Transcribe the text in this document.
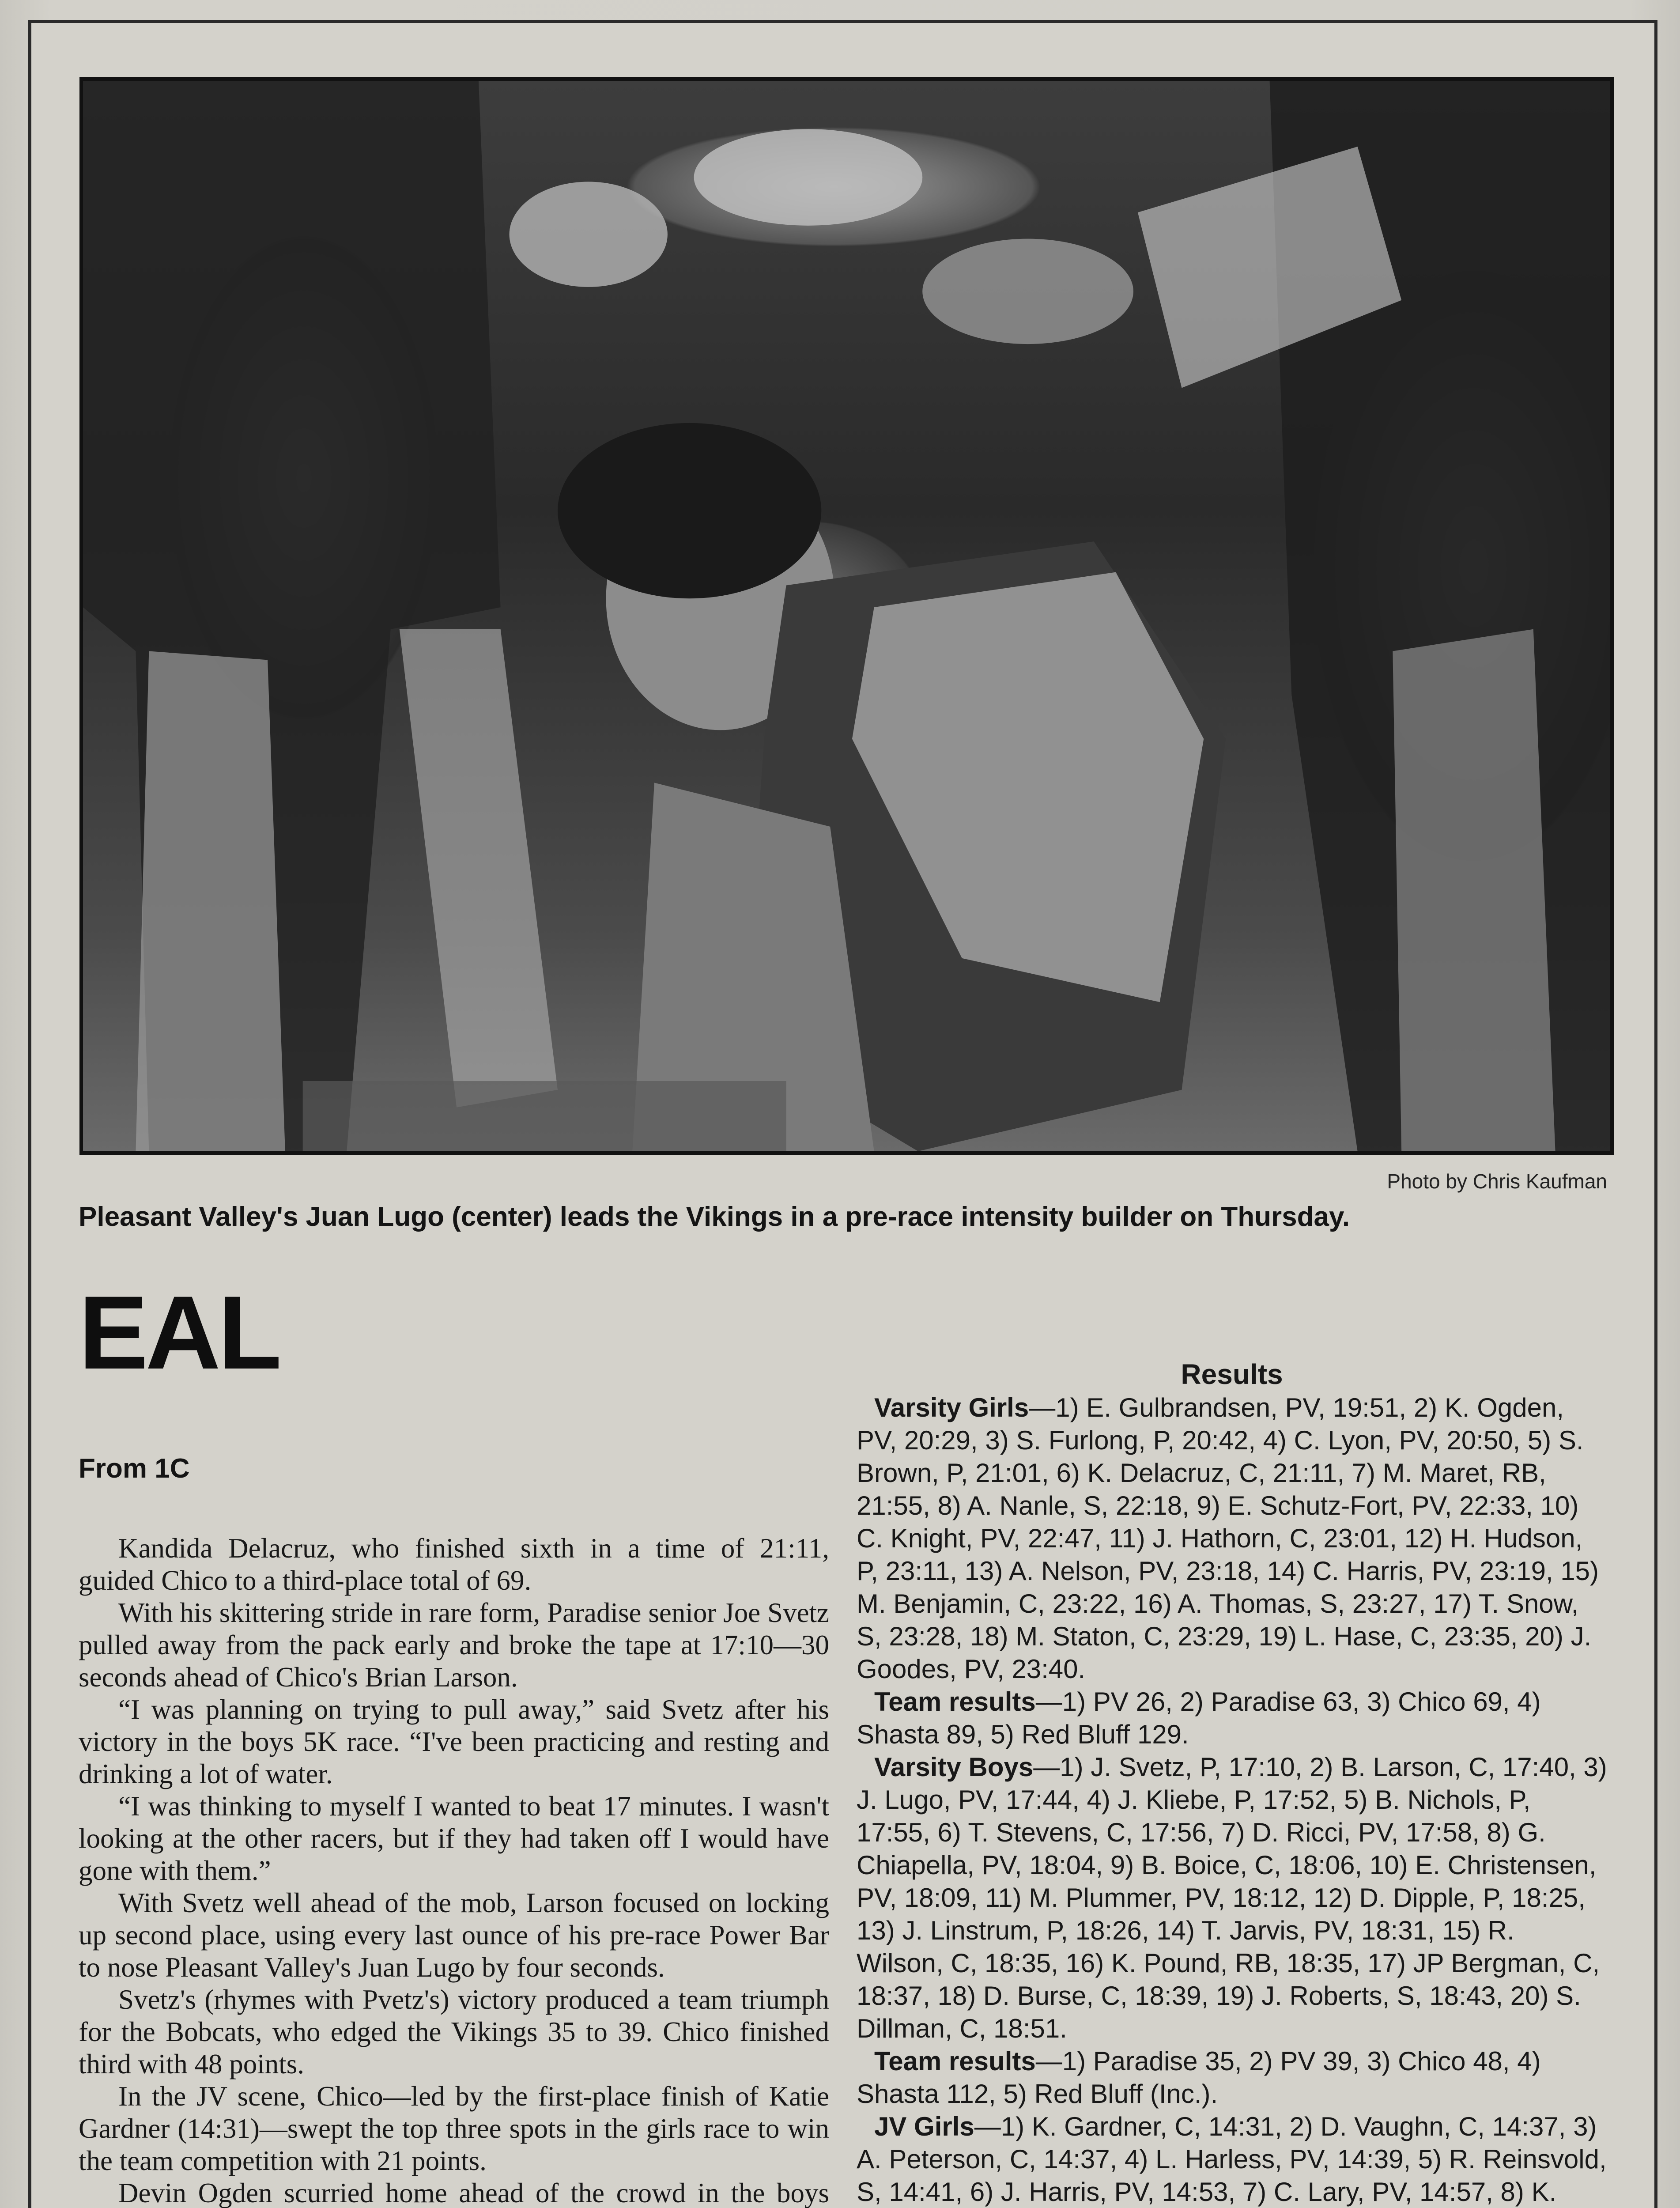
Photo by Chris Kaufman
Pleasant Valley's Juan Lugo (center) leads the Vikings in a pre-race intensity builder on Thursday.
EAL
From 1C

Kandida Delacruz, who finished sixth in a time of 21:11, guided Chico to a third-place total of 69.

With his skittering stride in rare form, Paradise senior Joe Svetz pulled away from the pack early and broke the tape at 17:10—30 seconds ahead of Chico's Brian Larson.

“I was planning on trying to pull away,” said Svetz after his victory in the boys 5K race. “I've been practicing and resting and drinking a lot of water.

“I was thinking to myself I wanted to beat 17 minutes. I wasn't looking at the other racers, but if they had taken off I would have gone with them.”

With Svetz well ahead of the mob, Larson focused on locking up second place, using every last ounce of his pre-race Power Bar to nose Pleasant Valley's Juan Lugo by four seconds.

Svetz's (rhymes with Pvetz's) victory produced a team triumph for the Bobcats, who edged the Vikings 35 to 39. Chico finished third with 48 points.

In the JV scene, Chico—led by the first-place finish of Katie Gardner (14:31)—swept the top three spots in the girls race to win the team competition with 21 points.

Devin Ogden scurried home ahead of the crowd in the boys

Results

Varsity Girls—1) E. Gulbrandsen, PV, 19:51, 2) K. Ogden, PV, 20:29, 3) S. Furlong, P, 20:42, 4) C. Lyon, PV, 20:50, 5) S. Brown, P, 21:01, 6) K. Delacruz, C, 21:11, 7) M. Maret, RB, 21:55, 8) A. Nanle, S, 22:18, 9) E. Schutz-Fort, PV, 22:33, 10) C. Knight, PV, 22:47, 11) J. Hathorn, C, 23:01, 12) H. Hudson, P, 23:11, 13) A. Nelson, PV, 23:18, 14) C. Harris, PV, 23:19, 15) M. Benjamin, C, 23:22, 16) A. Thomas, S, 23:27, 17) T. Snow, S, 23:28, 18) M. Staton, C, 23:29, 19) L. Hase, C, 23:35, 20) J. Goodes, PV, 23:40.

Team results—1) PV 26, 2) Paradise 63, 3) Chico 69, 4) Shasta 89, 5) Red Bluff 129.

Varsity Boys—1) J. Svetz, P, 17:10, 2) B. Larson, C, 17:40, 3) J. Lugo, PV, 17:44, 4) J. Kliebe, P, 17:52, 5) B. Nichols, P, 17:55, 6) T. Stevens, C, 17:56, 7) D. Ricci, PV, 17:58, 8) G. Chiapella, PV, 18:04, 9) B. Boice, C, 18:06, 10) E. Christensen, PV, 18:09, 11) M. Plummer, PV, 18:12, 12) D. Dipple, P, 18:25, 13) J. Linstrum, P, 18:26, 14) T. Jarvis, PV, 18:31, 15) R. Wilson, C, 18:35, 16) K. Pound, RB, 18:35, 17) JP Bergman, C, 18:37, 18) D. Burse, C, 18:39, 19) J. Roberts, S, 18:43, 20) S. Dillman, C, 18:51.

Team results—1) Paradise 35, 2) PV 39, 3) Chico 48, 4) Shasta 112, 5) Red Bluff (Inc.).

JV Girls—1) K. Gardner, C, 14:31, 2) D. Vaughn, C, 14:37, 3) A. Peterson, C, 14:37, 4) L. Harless, PV, 14:39, 5) R. Reinsvold, S, 14:41, 6) J. Harris, PV, 14:53, 7) C. Lary, PV, 14:57, 8) K.
